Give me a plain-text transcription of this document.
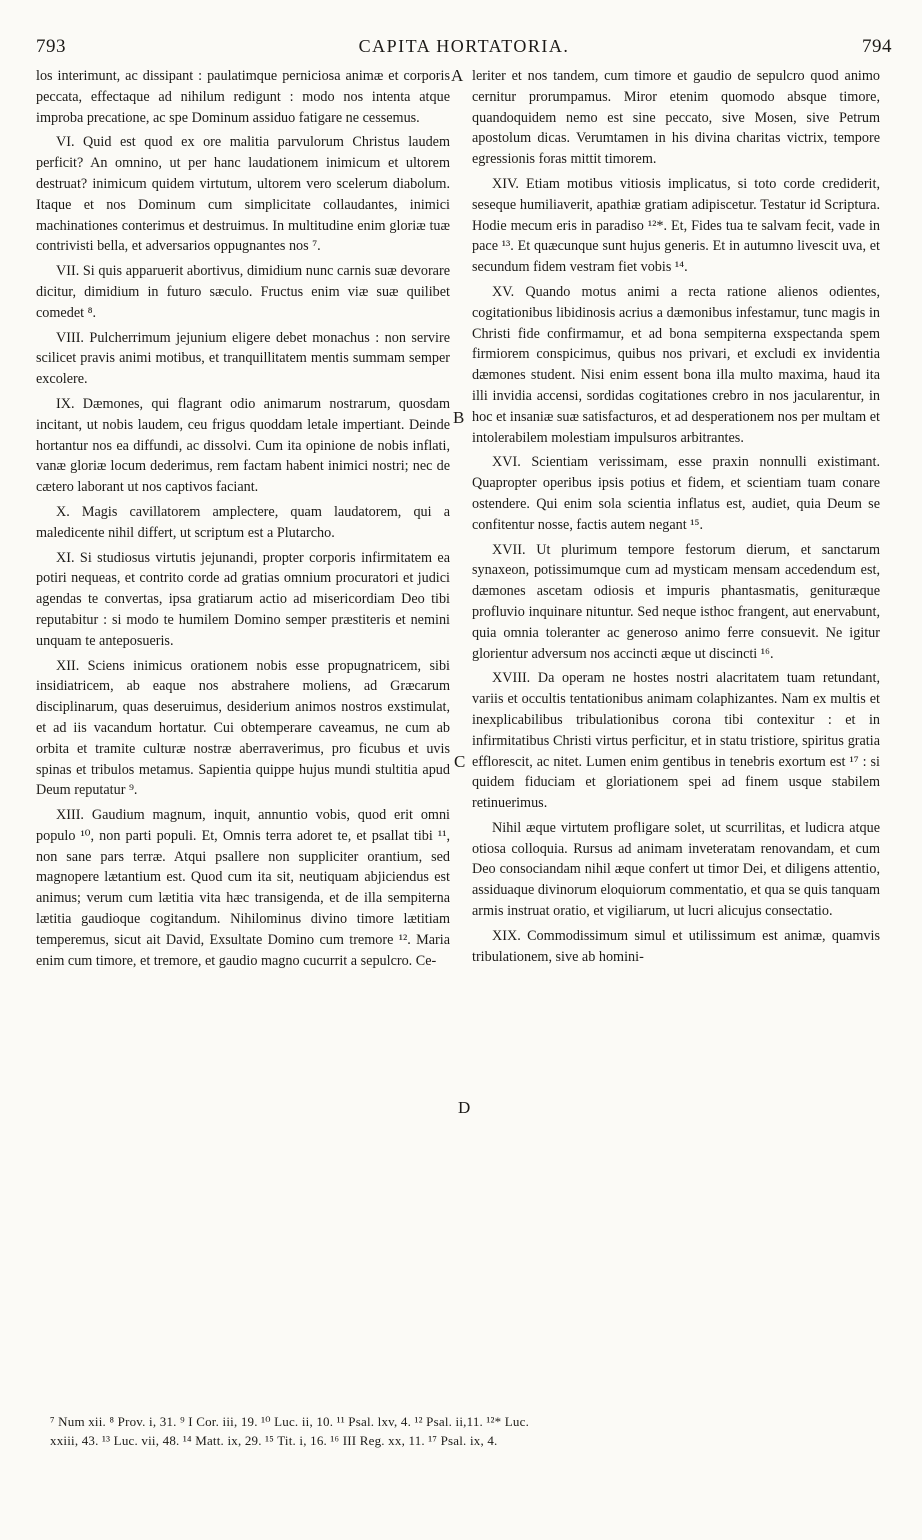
793	CAPITA HORTATORIA.	794

los interimunt, ac dissipant : paulatimque perniciosa animæ et corporis peccata, effectaque ad nihilum redigunt : modo nos intenta atque improba precatione, ac spe Dominum assiduo fatigare ne cessemus.

VI. Quid est quod ex ore malitia parvulorum Christus laudem perficit? An omnino, ut per hanc laudationem inimicum et ultorem destruat? inimicum quidem virtutum, ultorem vero scelerum diabolum. Itaque et nos Dominum cum simplicitate collaudantes, inimici machinationes conterimus et destruimus. In multitudine enim gloriæ tuæ contrivisti bella, et adversarios oppugnantes nos ⁷.

VII. Si quis apparuerit abortivus, dimidium nunc carnis suæ devorare dicitur, dimidium in futuro sæculo. Fructus enim viæ suæ quilibet comedet ⁸.

VIII. Pulcherrimum jejunium eligere debet monachus : non servire scilicet pravis animi motibus, et tranquillitatem mentis summam semper excolere.

IX. Dæmones, qui flagrant odio animarum nostrarum, quosdam incitant, ut nobis laudem, ceu frigus quoddam letale impertiant. Deinde hortantur nos ea diffundi, ac dissolvi. Cum ita opinione de nobis inflati, vanæ gloriæ locum dederimus, rem factam habent inimici nostri; nec de cætero laborant ut nos captivos faciant.

X. Magis cavillatorem amplectere, quam laudatorem, qui a maledicente nihil differt, ut scriptum est a Plutarcho.

XI. Si studiosus virtutis jejunandi, propter corporis infirmitatem ea potiri nequeas, et contrito corde ad gratias omnium procuratori et judici agendas te convertas, ipsa gratiarum actio ad misericordiam Deo tibi reputabitur : si modo te humilem Domino semper præstiteris et nemini unquam te anteposueris.

XII. Sciens inimicus orationem nobis esse propugnatricem, sibi insidiatricem, ab eaque nos abstrahere moliens, ad Græcarum disciplinarum, quas deseruimus, desiderium animos nostros exstimulat, et ad iis vacandum hortatur. Cui obtemperare caveamus, ne cum ab orbita et tramite culturæ nostræ aberraverimus, pro ficubus et uvis spinas et tribulos metamus. Sapientia quippe hujus mundi stultitia apud Deum reputatur ⁹.

XIII. Gaudium magnum, inquit, annuntio vobis, quod erit omni populo ¹⁰, non parti populi. Et, Omnis terra adoret te, et psallat tibi ¹¹, non sane pars terræ. Atqui psallere non suppliciter orantium, sed magnopere lætantium est. Quod cum ita sit, neutiquam abjiciendus est animus; verum cum lætitia vita hæc transigenda, et de illa sempiterna lætitia gaudioque cogitandum. Nihilominus divino timore lætitiam temperemus, sicut ait David, Exsultate Domino cum tremore ¹². Maria enim cum timore, et tremore, et gaudio magno cucurrit a sepulcro. Ce-

A
B
C
D

leriter et nos tandem, cum timore et gaudio de sepulcro quod animo cernitur prorumpamus. Miror etenim quomodo absque timore, quandoquidem nemo est sine peccato, sive Mosen, sive Petrum apostolum dicas. Verumtamen in his divina charitas victrix, tempore egressionis foras mittit timorem.

XIV. Etiam motibus vitiosis implicatus, si toto corde crediderit, seseque humiliaverit, apathiæ gratiam adipiscetur. Testatur id Scriptura. Hodie mecum eris in paradiso ¹²*. Et, Fides tua te salvam fecit, vade in pace ¹³. Et quæcunque sunt hujus generis. Et in autumno livescit uva, et secundum fidem vestram fiet vobis ¹⁴.

XV. Quando motus animi a recta ratione alienos odientes, cogitationibus libidinosis acrius a dæmonibus infestamur, tunc magis in Christi fide confirmamur, et ad bona sempiterna exspectanda spem firmiorem conspicimus, quibus nos privari, et excludi ex invidentia dæmones student. Nisi enim essent bona illa multo maxima, haud ita illi invidia accensi, sordidas cogitationes crebro in nos jacularentur, in hoc et insaniæ suæ satisfacturos, et ad desperationem nos per multam et intolerabilem molestiam impulsuros arbitrantes.

XVI. Scientiam verissimam, esse praxin nonnulli existimant. Quapropter operibus ipsis potius et fidem, et scientiam tuam conare ostendere. Qui enim sola scientia inflatus est, audiet, quia Deum se confitentur nosse, factis autem negant ¹⁵.

XVII. Ut plurimum tempore festorum dierum, et sanctarum synaxeon, potissimumque cum ad mysticam mensam accedendum est, dæmones ascetam odiosis et impuris phantasmatis, genituræque profluvio inquinare nituntur. Sed neque isthoc frangent, aut enervabunt, quia omnia toleranter ac generoso animo ferre consuevit. Ne igitur glorientur adversum nos accincti æque ut discincti ¹⁶.

XVIII. Da operam ne hostes nostri alacritatem tuam retundant, variis et occultis tentationibus animam colaphizantes. Nam ex multis et inexplicabilibus tribulationibus corona tibi contexitur : et in infirmitatibus Christi virtus perficitur, et in statu tristiore, spiritus gratia efflorescit, ac nitet. Lumen enim gentibus in tenebris exortum est ¹⁷ : si quidem fiduciam et gloriationem spei ad finem usque stabilem retinuerimus.

Nihil æque virtutem profligare solet, ut scurrilitas, et ludicra atque otiosa colloquia. Rursus ad animam inveteratam renovandam, et cum Deo consociandam nihil æque confert ut timor Dei, et diligens attentio, assiduaque divinorum eloquiorum commentatio, et qua se quis tanquam armis instruat oratio, et vigiliarum, ut lucri alicujus consectatio.

XIX. Commodissimum simul et utilissimum est animæ, quamvis tribulationem, sive ab homini-

⁷ Num xii. ⁸ Prov. i, 31. ⁹ I Cor. iii, 19. ¹⁰ Luc. ii, 10. ¹¹ Psal. lxv, 4. ¹² Psal. ii,11. ¹²* Luc.
xxiii, 43. ¹³ Luc. vii, 48. ¹⁴ Matt. ix, 29. ¹⁵ Tit. i, 16. ¹⁶ III Reg. xx, 11. ¹⁷ Psal. ix, 4.
